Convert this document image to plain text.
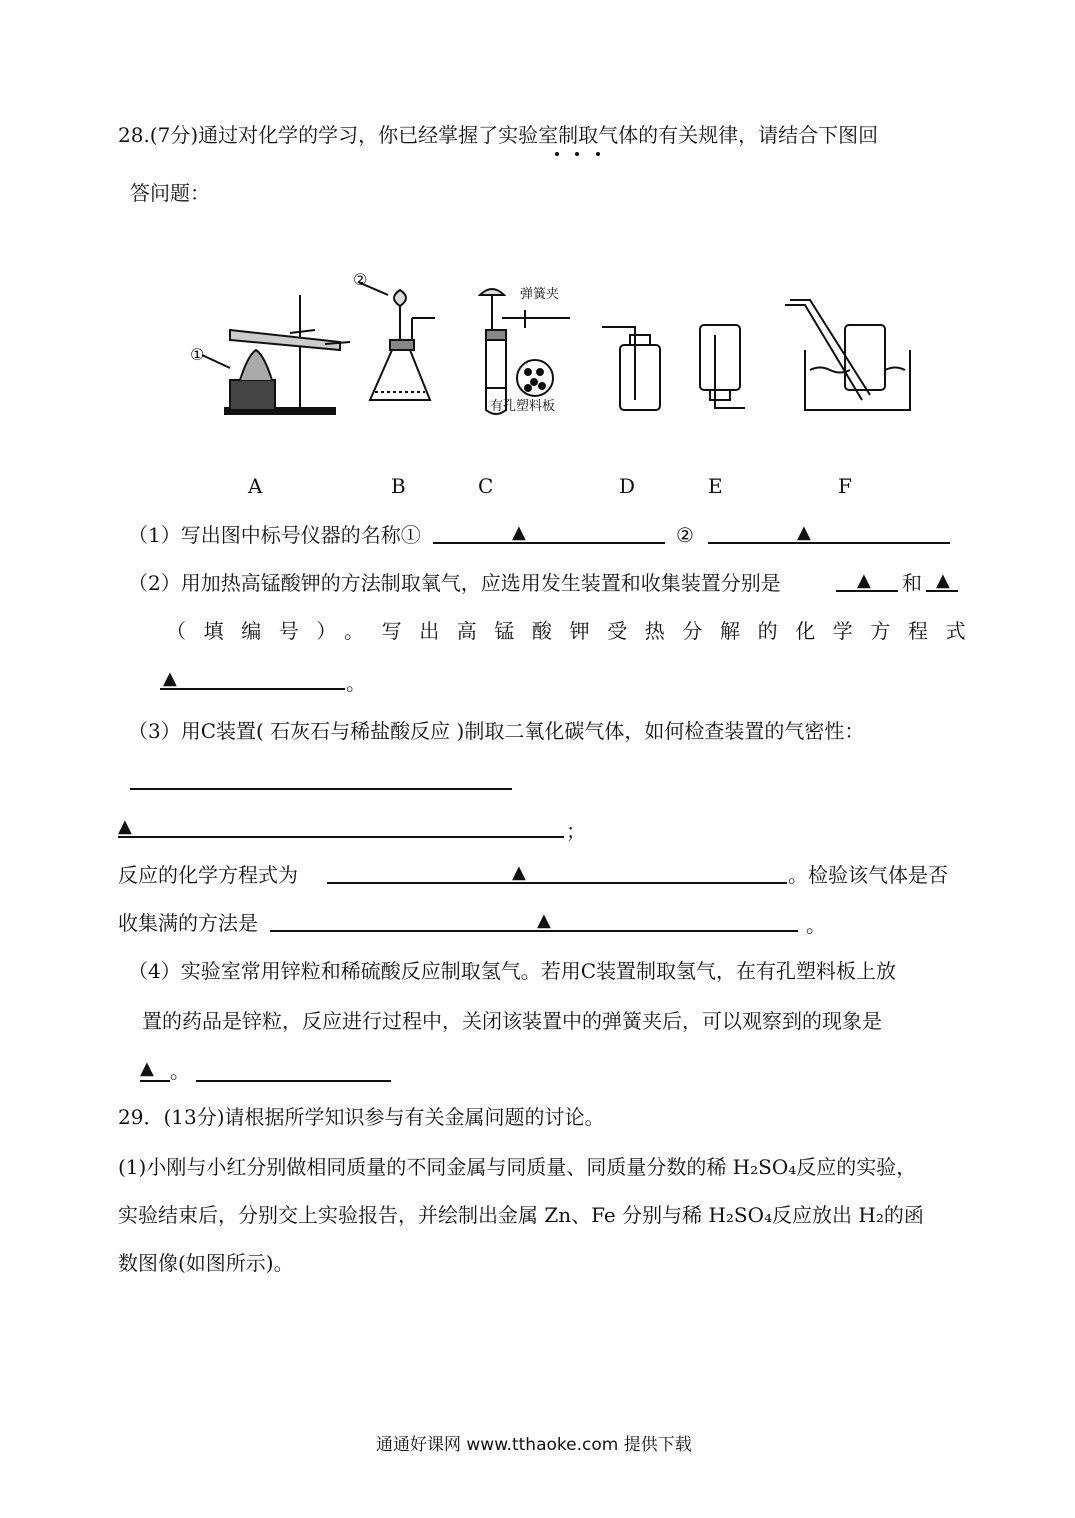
28.(7分)通过对化学的学习，你已经掌握了实验室制取气体的有关规律，请结合下图回
答问题：
①
②
弹簧夹
有孔塑料板
A	B	C	D	E	F
（1）写出图中标号仪器的名称①	▲	②	▲
（2）用加热高锰酸钾的方法制取氧气，应选用发生装置和收集装置分别是	▲ 和 ▲
（填编号）。写出高锰酸钾受热分解的化学方程式
▲	。
（3）用C装置( 石灰石与稀盐酸反应 )制取二氧化碳气体，如何检查装置的气密性：
▲	；
反应的化学方程式为	▲	。检验该气体是否
收集满的方法是	▲	。
（4）实验室常用锌粒和稀硫酸反应制取氢气。若用C装置制取氢气，在有孔塑料板上放
置的药品是锌粒，反应进行过程中，关闭该装置中的弹簧夹后，可以观察到的现象是
▲ 。
29．(13分)请根据所学知识参与有关金属问题的讨论。
(1)小刚与小红分别做相同质量的不同金属与同质量、同质量分数的稀 H₂SO₄反应的实验，
实验结束后，分别交上实验报告，并绘制出金属 Zn、Fe 分别与稀 H₂SO₄反应放出 H₂的函
数图像(如图所示)。
通通好课网 www.tthaoke.com 提供下载
